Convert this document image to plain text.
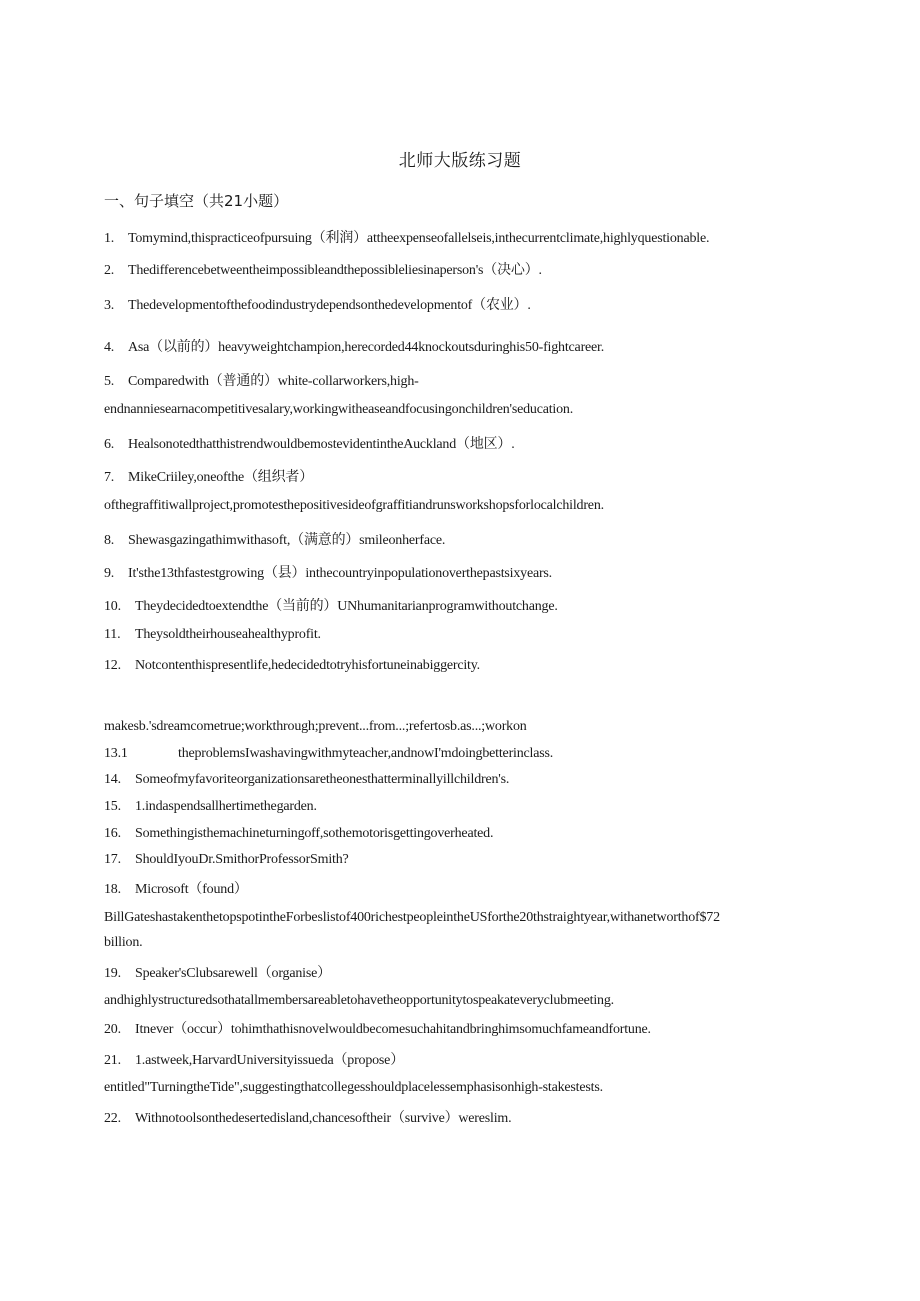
北师大版练习题
一、句子填空（共21小题）
1. Tomymind,thispracticeofpursuing（利润）attheexpenseofallelseis,inthecurrentclimate,highlyquestionable.
2. Thedifferencebetweentheimpossibleandthepossibleliesinaperson's（决心）.
3. Thedevelopmentofthefoodindustrydependsonthedevelopmentof（农业）.
4. Asa（以前的）heavyweightchampion,herecorded44knockoutsduringhis50-fightcareer.
5. Comparedwith（普通的）white-collarworkers,high-
endnanniesearnacompetitivesalary,workingwitheaseandfocusingonchildren'seducation.
6. HealsonotedthatthistrendwouldbemostevidentintheAuckland（地区）.
7. MikeCriiley,oneofthe（组织者）
ofthegraffitiwallproject,promotesthepositivesideofgraffitiandrunsworkshopsforlocalchildren.
8. Shewasgazingathimwithasoft,（满意的）smileonherface.
9. It'sthe13thfastestgrowing（县）inthecountryinpopulationoverthepastsixyears.
10. Theydecidedtoextendthe（当前的）UNhumanitarianprogramwithoutchange.
11. Theysoldtheirhouseahealthyprofit.
12. Notcontenthispresentlife,hedecidedtotryhisfortuneinabiggercity.
makesb.'sdreamcometrue;workthrough;prevent...from...;refertosb.as...;workon
13.1	theproblemsIwashavingwithmyteacher,andnowI'mdoingbetterinclass.
14. Someofmyfavoriteorganizationsaretheonesthatterminallyillchildren's.
15. 1.indaspendsallhertimethegarden.
16. Somethingisthemachineturningoff,sothemotorisgettingoverheated.
17. ShouldIyouDr.SmithorProfessorSmith?
18. Microsoft（found）
BillGateshastakenthetopspotintheForbeslistof400richestpeopleintheUSforthe20thstraightyear,withanetworthof$72
billion.
19. Speaker'sClubsarewell（organise）
andhighlystructuredsothatallmembersareabletohavetheopportunitytospeakateveryclubmeeting.
20. Itnever（occur）tohimthathisnovelwouldbecomesuchahitandbringhimsomuchfameandfortune.
21. 1.astweek,HarvardUniversityissueda（propose）
entitled"TurningtheTide",suggestingthatcollegesshouldplacelessemphasisonhigh-stakestests.
22. Withnotoolsonthedesertedisland,chancesoftheir（survive）wereslim.
